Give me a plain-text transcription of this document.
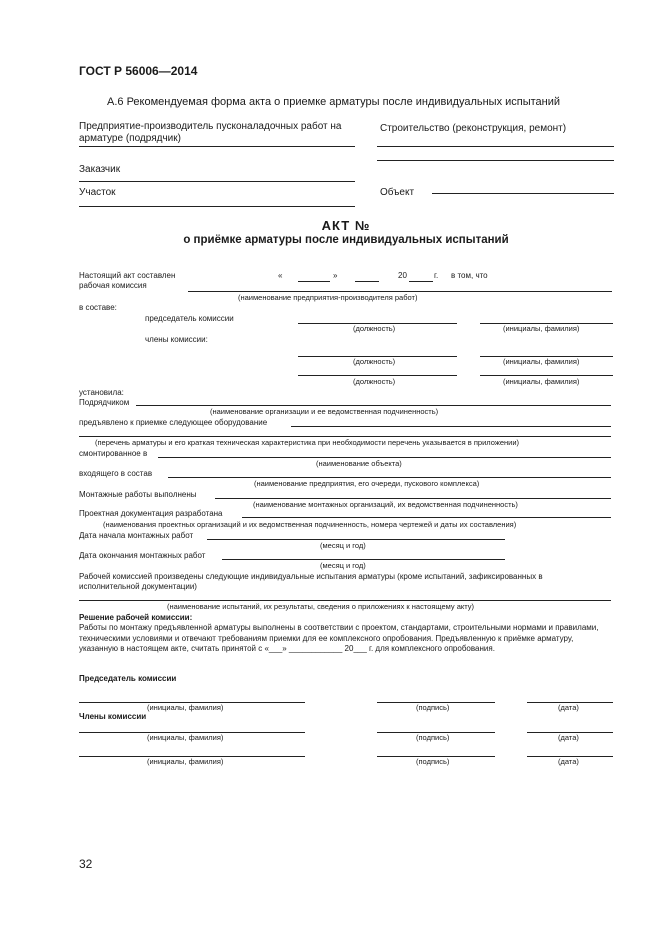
ГОСТ Р 56006—2014

А.6 Рекомендуемая форма акта о приемке арматуры после индивидуальных испытаний

Предприятие-производитель пусконаладочных работ на арматуре (подрядчик)

Строительство (реконструкция, ремонт)

Заказчик

Участок	Объект

АКТ №

о приёмке арматуры после индивидуальных испытаний

Настоящий акт составлен	«	»	20	г. в том, что

рабочая комиссия

(наименование предприятия-производителя работ)

в составе:

председатель комиссии

(должность)	(инициалы, фамилия)

члены комиссии:

(должность)	(инициалы, фамилия)

(должность)	(инициалы, фамилия)

установила:

Подрядчиком

(наименование организации и ее ведомственная подчиненность)

предъявлено к приемке следующее оборудование

(перечень арматуры и его краткая техническая характеристика при необходимости перечень указывается в приложении)

смонтированное в

(наименование объекта)

входящего в состав

(наименование предприятия, его очереди, пускового комплекса)

Монтажные работы выполнены

(наименование монтажных организаций, их ведомственная подчиненность)

Проектная документация разработана

(наименования проектных организаций и их ведомственная подчиненность, номера чертежей и даты их составления)

Дата начала монтажных работ

(месяц и год)

Дата окончания монтажных работ

(месяц и год)

Рабочей комиссией произведены следующие индивидуальные испытания арматуры (кроме испытаний, зафиксированных в исполнительной документации)

(наименование испытаний, их результаты, сведения о приложениях к настоящему акту)

Решение рабочей комиссии:

Работы по монтажу предъявленной арматуры выполнены в соответствии с проектом, стандартами, строительными нормами и правилами, техническими условиями и отвечают требованиям приемки для ее комплексного опробования. Предъявленную к приёмке арматуру, указанную в настоящем акте, считать принятой с «___» ____________ 20___ г. для комплексного опробования.

Председатель комиссии

(инициалы, фамилия)	(подпись)	(дата)

Члены комиссии

(инициалы, фамилия)	(подпись)	(дата)

(инициалы, фамилия)	(подпись)	(дата)

32
